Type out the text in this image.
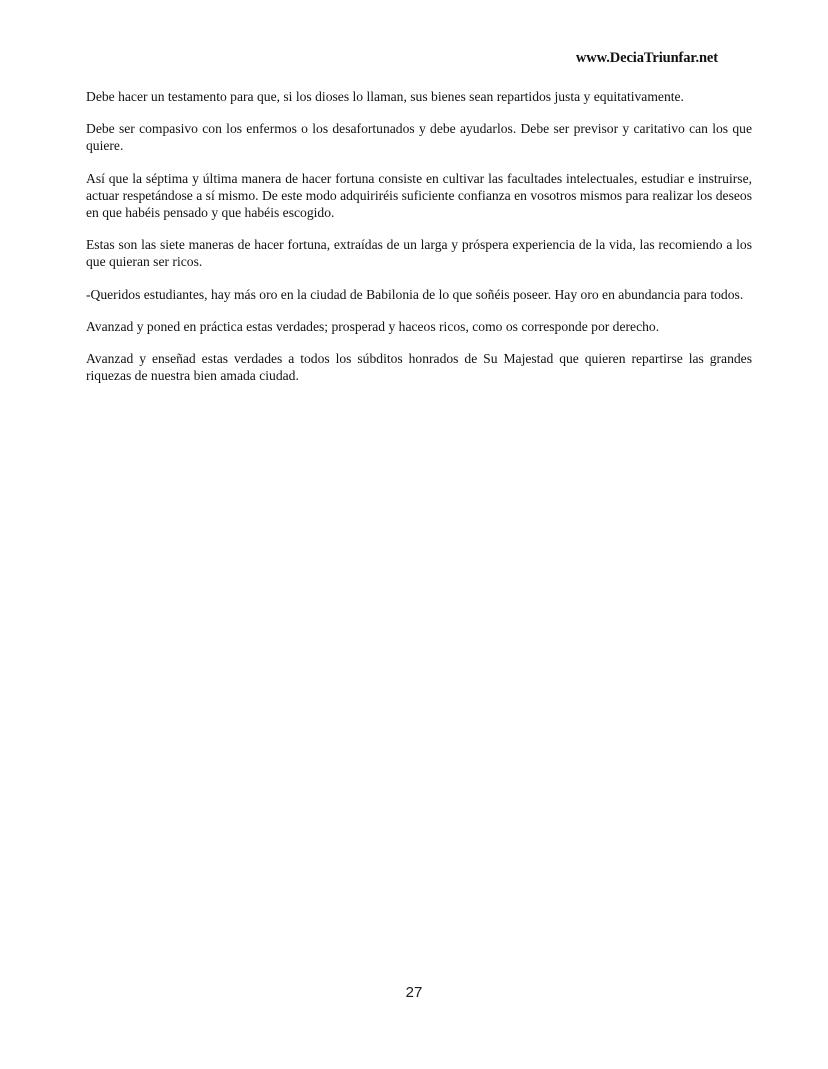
www.DeciaTriunfar.net

Debe hacer un testamento para que, si los dioses lo llaman, sus bienes sean repartidos justa y equitativamente.

Debe ser compasivo con los enfermos o los desafortunados y debe ayudarlos. Debe ser previsor y caritativo can los que quiere.

Así que la séptima y última manera de hacer fortuna consiste en cultivar las facultades intelectuales, estudiar e instruirse, actuar respetándose a sí mismo. De este modo adquiriréis suficiente confianza en vosotros mismos para realizar los deseos en que habéis pensado y que habéis escogido.

Estas son las siete maneras de hacer fortuna, extraídas de un larga y próspera experiencia de la vida, las recomiendo a los que quieran ser ricos.

-Queridos estudiantes, hay más oro en la ciudad de Babilonia de lo que soñéis poseer. Hay oro en abundancia para todos.

Avanzad y poned en práctica estas verdades; prosperad y haceos ricos, como os corresponde por derecho.

Avanzad y enseñad estas verdades a todos los súbditos honrados de Su Majestad que quieren repartirse las grandes riquezas de nuestra bien amada ciudad.

27
